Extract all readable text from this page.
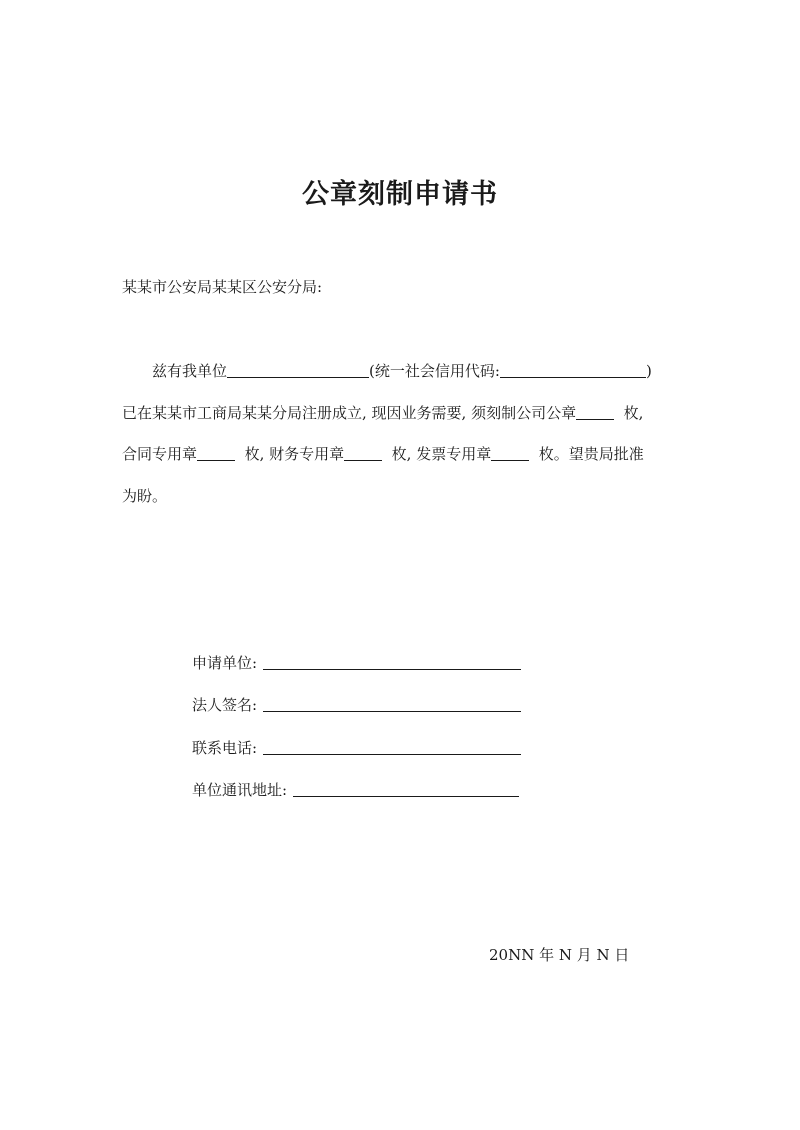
公章刻制申请书
某某市公安局某某区公安分局:
兹有我单位	(统一社会信用代码:	)
已在某某市工商局某某分局注册成立, 现因业务需要, 须刻制公司公章	枚,
合同专用章	枚, 财务专用章	枚, 发票专用章	枚。望贵局批准
为盼。
申请单位:
法人签名:
联系电话:
单位通讯地址:
20NN 年 N 月 N 日
